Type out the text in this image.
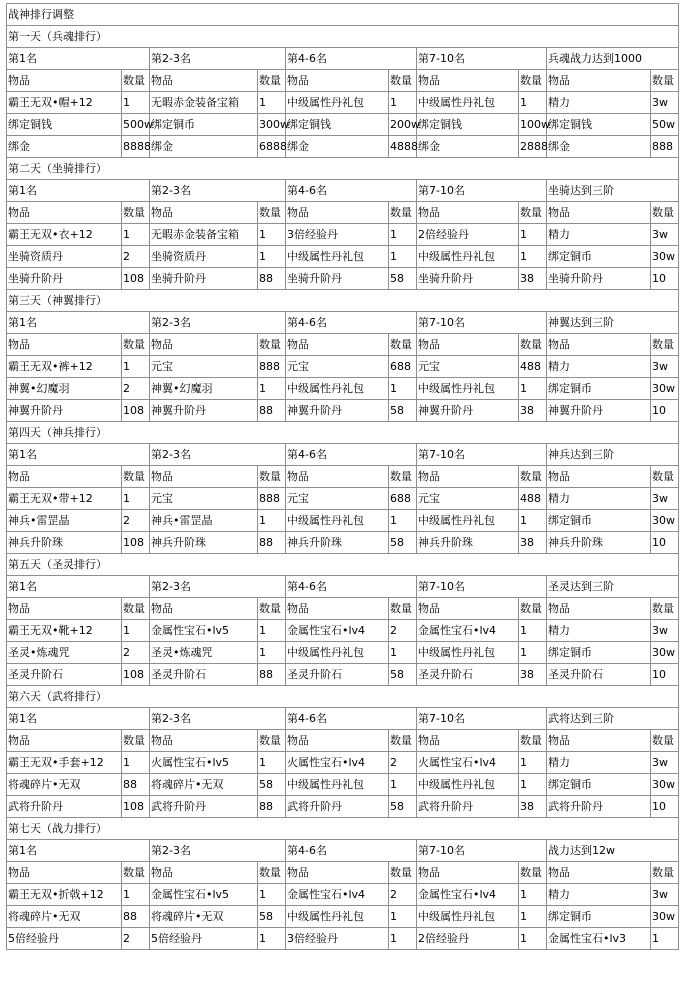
战神排行调整									
第一天（兵魂排行）									
第1名		第2-3名		第4-6名		第7-10名		兵魂战力达到1000	
物品	数量	物品	数量	物品	数量	物品	数量	物品	数量
霸王无双•帽+12	1	无暇赤金装备宝箱	1	中级属性丹礼包	1	中级属性丹礼包	1	精力	3w
绑定铜钱	500w	绑定铜币	300w	绑定铜钱	200w	绑定铜钱	100w	绑定铜钱	50w
绑金	8888	绑金	6888	绑金	4888	绑金	2888	绑金	888
第二天（坐骑排行）									
第1名		第2-3名		第4-6名		第7-10名		坐骑达到三阶	
物品	数量	物品	数量	物品	数量	物品	数量	物品	数量
霸王无双•衣+12	1	无暇赤金装备宝箱	1	3倍经验丹	1	2倍经验丹	1	精力	3w
坐骑资质丹	2	坐骑资质丹	1	中级属性丹礼包	1	中级属性丹礼包	1	绑定铜币	30w
坐骑升阶丹	108	坐骑升阶丹	88	坐骑升阶丹	58	坐骑升阶丹	38	坐骑升阶丹	10
第三天（神翼排行）									
第1名		第2-3名		第4-6名		第7-10名		神翼达到三阶	
物品	数量	物品	数量	物品	数量	物品	数量	物品	数量
霸王无双•裤+12	1	元宝	888	元宝	688	元宝	488	精力	3w
神翼•幻魔羽	2	神翼•幻魔羽	1	中级属性丹礼包	1	中级属性丹礼包	1	绑定铜币	30w
神翼升阶丹	108	神翼升阶丹	88	神翼升阶丹	58	神翼升阶丹	38	神翼升阶丹	10
第四天（神兵排行）									
第1名		第2-3名		第4-6名		第7-10名		神兵达到三阶	
物品	数量	物品	数量	物品	数量	物品	数量	物品	数量
霸王无双•带+12	1	元宝	888	元宝	688	元宝	488	精力	3w
神兵•雷罡晶	2	神兵•雷罡晶	1	中级属性丹礼包	1	中级属性丹礼包	1	绑定铜币	30w
神兵升阶珠	108	神兵升阶珠	88	神兵升阶珠	58	神兵升阶珠	38	神兵升阶珠	10
第五天（圣灵排行）									
第1名		第2-3名		第4-6名		第7-10名		圣灵达到三阶	
物品	数量	物品	数量	物品	数量	物品	数量	物品	数量
霸王无双•靴+12	1	金属性宝石•lv5	1	金属性宝石•lv4	2	金属性宝石•lv4	1	精力	3w
圣灵•炼魂咒	2	圣灵•炼魂咒	1	中级属性丹礼包	1	中级属性丹礼包	1	绑定铜币	30w
圣灵升阶石	108	圣灵升阶石	88	圣灵升阶石	58	圣灵升阶石	38	圣灵升阶石	10
第六天（武将排行）									
第1名		第2-3名		第4-6名		第7-10名		武将达到三阶	
物品	数量	物品	数量	物品	数量	物品	数量	物品	数量
霸王无双•手套+12	1	火属性宝石•lv5	1	火属性宝石•lv4	2	火属性宝石•lv4	1	精力	3w
将魂碎片•无双	88	将魂碎片•无双	58	中级属性丹礼包	1	中级属性丹礼包	1	绑定铜币	30w
武将升阶丹	108	武将升阶丹	88	武将升阶丹	58	武将升阶丹	38	武将升阶丹	10
第七天（战力排行）									
第1名		第2-3名		第4-6名		第7-10名		战力达到12w	
物品	数量	物品	数量	物品	数量	物品	数量	物品	数量
霸王无双•折戟+12	1	金属性宝石•lv5	1	金属性宝石•lv4	2	金属性宝石•lv4	1	精力	3w
将魂碎片•无双	88	将魂碎片•无双	58	中级属性丹礼包	1	中级属性丹礼包	1	绑定铜币	30w
5倍经验丹	2	5倍经验丹	1	3倍经验丹	1	2倍经验丹	1	金属性宝石•lv3	1
